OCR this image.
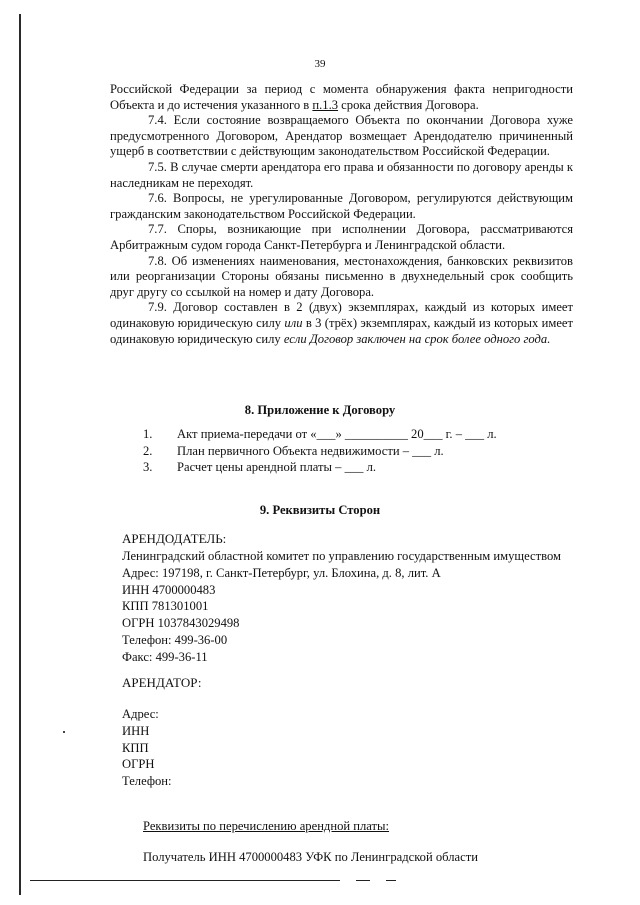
39

Российской Федерации за период с момента обнаружения факта непригодности Объекта и до истечения указанного в п.1.3 срока действия Договора.

7.4. Если состояние возвращаемого Объекта по окончании Договора хуже предусмотренного Договором, Арендатор возмещает Арендодателю причиненный ущерб в соответствии с действующим законодательством Российской Федерации.

7.5. В случае смерти арендатора его права и обязанности по договору аренды к наследникам не переходят.

7.6. Вопросы, не урегулированные Договором, регулируются действующим гражданским законодательством Российской Федерации.

7.7. Споры, возникающие при исполнении Договора, рассматриваются Арбитражным судом города Санкт-Петербурга и Ленинградской области.

7.8. Об изменениях наименования, местонахождения, банковских реквизитов или реорганизации Стороны обязаны письменно в двухнедельный срок сообщить друг другу со ссылкой на номер и дату Договора.

7.9. Договор составлен в 2 (двух) экземплярах, каждый из которых имеет одинаковую юридическую силу или в 3 (трёх) экземплярах, каждый из которых имеет одинаковую юридическую силу если Договор заключен на срок более одного года.

8. Приложение к Договору
1.	Акт приема-передачи от «___» __________ 20___ г. – ___ л.
2.	План первичного Объекта недвижимости – ___ л.
3.	Расчет цены арендной платы – ___ л.
9. Реквизиты Сторон
АРЕНДОДАТЕЛЬ:
Ленинградский областной комитет по управлению государственным имуществом
Адрес: 197198, г. Санкт-Петербург, ул. Блохина, д. 8, лит. А
ИНН 4700000483
КПП 781301001
ОГРН 1037843029498
Телефон: 499-36-00
Факс: 499-36-11
АРЕНДАТОР:
Адрес:
ИНН
КПП
ОГРН
Телефон:
Реквизиты по перечислению арендной платы:
Получатель ИНН 4700000483 УФК по Ленинградской области
